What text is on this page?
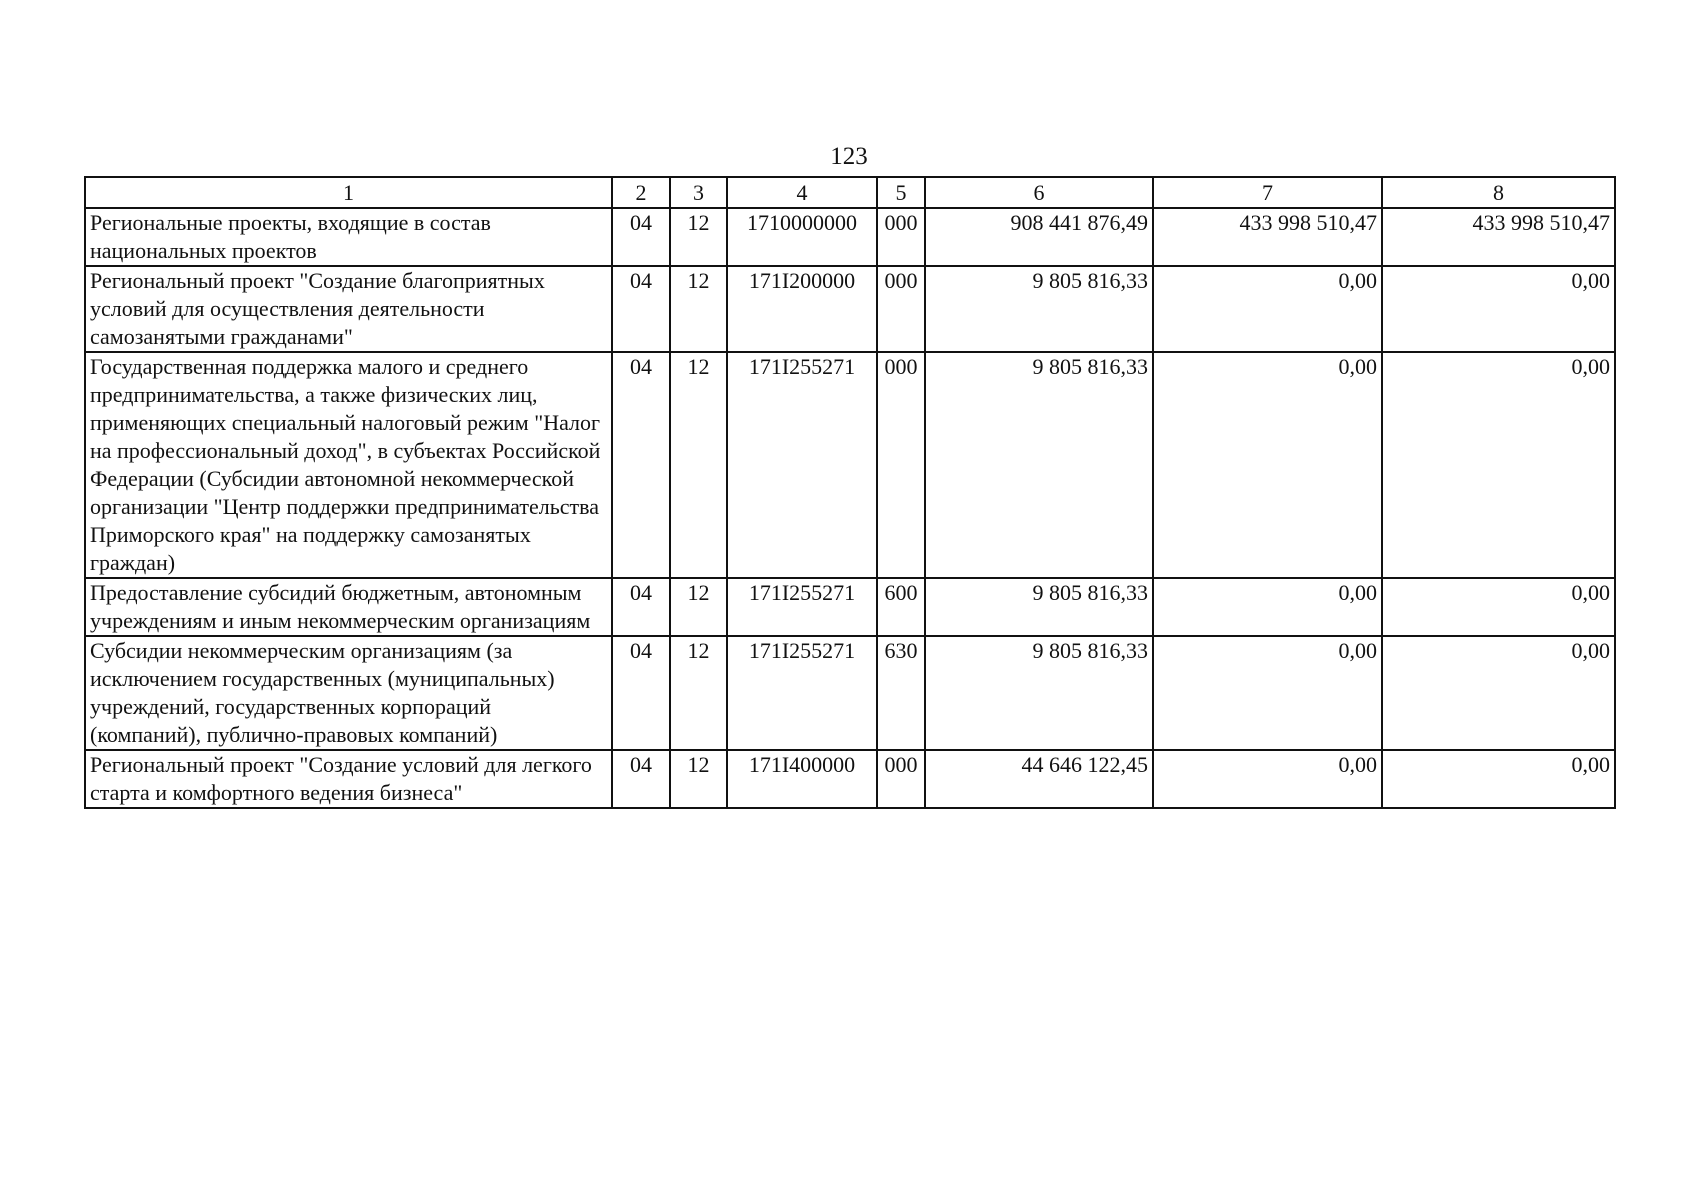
123
1	2	3	4	5	6	7	8
Региональные проекты, входящие в состав национальных проектов	04	12	1710000000	000	908 441 876,49	433 998 510,47	433 998 510,47
Региональный проект "Создание благоприятных условий для осуществления деятельности самозанятыми гражданами"	04	12	171I200000	000	9 805 816,33	0,00	0,00
Государственная поддержка малого и среднего предпринимательства, а также физических лиц, применяющих специальный налоговый режим "Налог на профессиональный доход", в субъектах Российской Федерации (Субсидии автономной некоммерческой организации "Центр поддержки предпринимательства Приморского края" на поддержку самозанятых граждан)	04	12	171I255271	000	9 805 816,33	0,00	0,00
Предоставление субсидий бюджетным, автономным учреждениям и иным некоммерческим организациям	04	12	171I255271	600	9 805 816,33	0,00	0,00
Субсидии некоммерческим организациям (за исключением государственных (муниципальных) учреждений, государственных корпораций (компаний), публично-правовых компаний)	04	12	171I255271	630	9 805 816,33	0,00	0,00
Региональный проект "Создание условий для легкого старта и комфортного ведения бизнеса"	04	12	171I400000	000	44 646 122,45	0,00	0,00
